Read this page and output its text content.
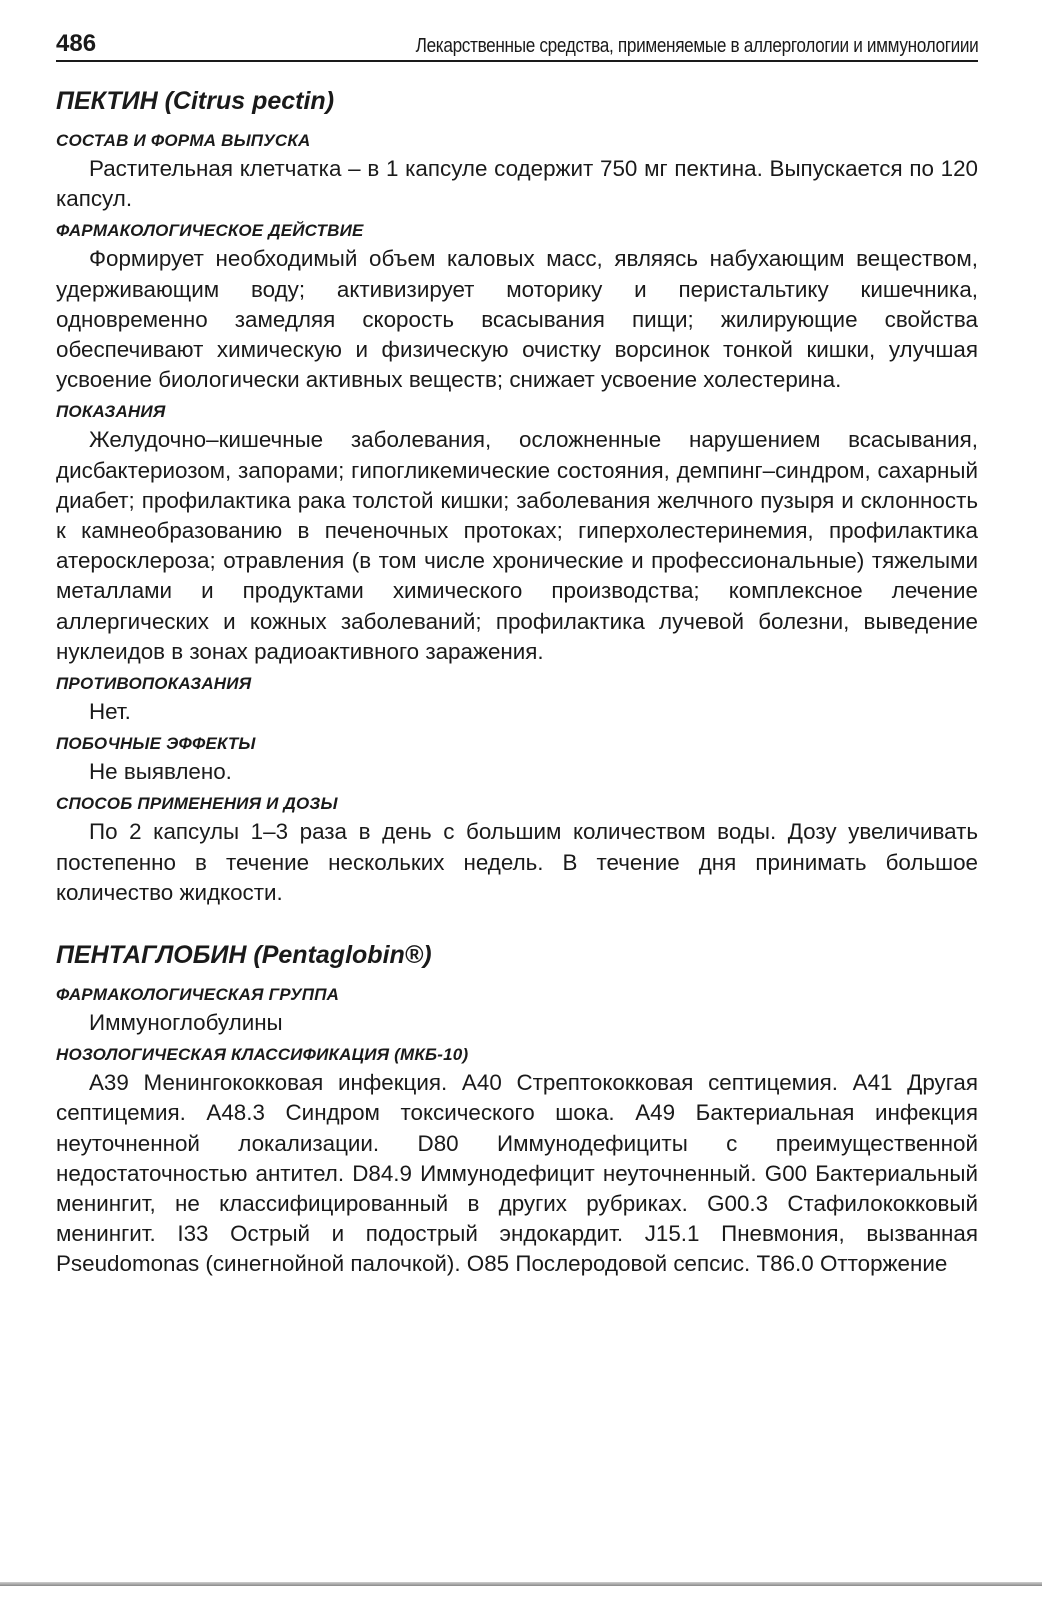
486	Лекарственные средства, применяемые в аллергологии и иммунологиии
ПЕКТИН (Citrus pectin)
СОСТАВ И ФОРМА ВЫПУСКА

Растительная клетчатка – в 1 капсуле содержит 750 мг пектина. Выпускается по 120 капсул.

ФАРМАКОЛОГИЧЕСКОЕ ДЕЙСТВИЕ

Формирует необходимый объем каловых масс, являясь набухающим веществом, удерживающим воду; активизирует моторику и перистальтику кишечника, одновременно замедляя скорость всасывания пищи; жилирующие свойства обеспечивают химическую и физическую очистку ворсинок тонкой кишки, улучшая усвоение биологически активных веществ; снижает усвоение холестерина.

ПОКАЗАНИЯ

Желудочно–кишечные заболевания, осложненные нарушением всасывания, дисбактериозом, запорами; гипогликемические состояния, демпинг–синдром, сахарный диабет; профилактика рака толстой кишки; заболевания желчного пузыря и склонность к камнеобразованию в печеночных протоках; гиперхолестеринемия, профилактика атеросклероза; отравления (в том числе хронические и профессиональные) тяжелыми металлами и продуктами химического производства; комплексное лечение аллергических и кожных заболеваний; профилактика лучевой болезни, выведение нуклеидов в зонах радиоактивного заражения.

ПРОТИВОПОКАЗАНИЯ

Нет.

ПОБОЧНЫЕ ЭФФЕКТЫ

Не выявлено.

СПОСОБ ПРИМЕНЕНИЯ И ДОЗЫ

По 2 капсулы 1–3 раза в день с большим количеством воды. Дозу увеличивать постепенно в течение нескольких недель. В течение дня принимать большое количество жидкости.

ПЕНТАГЛОБИН (Pentaglobin®)
ФАРМАКОЛОГИЧЕСКАЯ ГРУППА

Иммуноглобулины

НОЗОЛОГИЧЕСКАЯ КЛАССИФИКАЦИЯ (МКБ-10)

A39 Менингококковая инфекция. A40 Стрептококковая септицемия. A41 Другая септицемия. A48.3 Синдром токсического шока. A49 Бактериальная инфекция неуточненной локализации. D80 Иммунодефициты с преимущественной недостаточностью антител. D84.9 Иммунодефицит неуточненный. G00 Бактериальный менингит, не классифицированный в других рубриках. G00.3 Стафилококковый менингит. I33 Острый и подострый эндокардит. J15.1 Пневмония, вызванная Pseudomonas (синегнойной палочкой). O85 Послеродовой сепсис. T86.0 Отторжение
